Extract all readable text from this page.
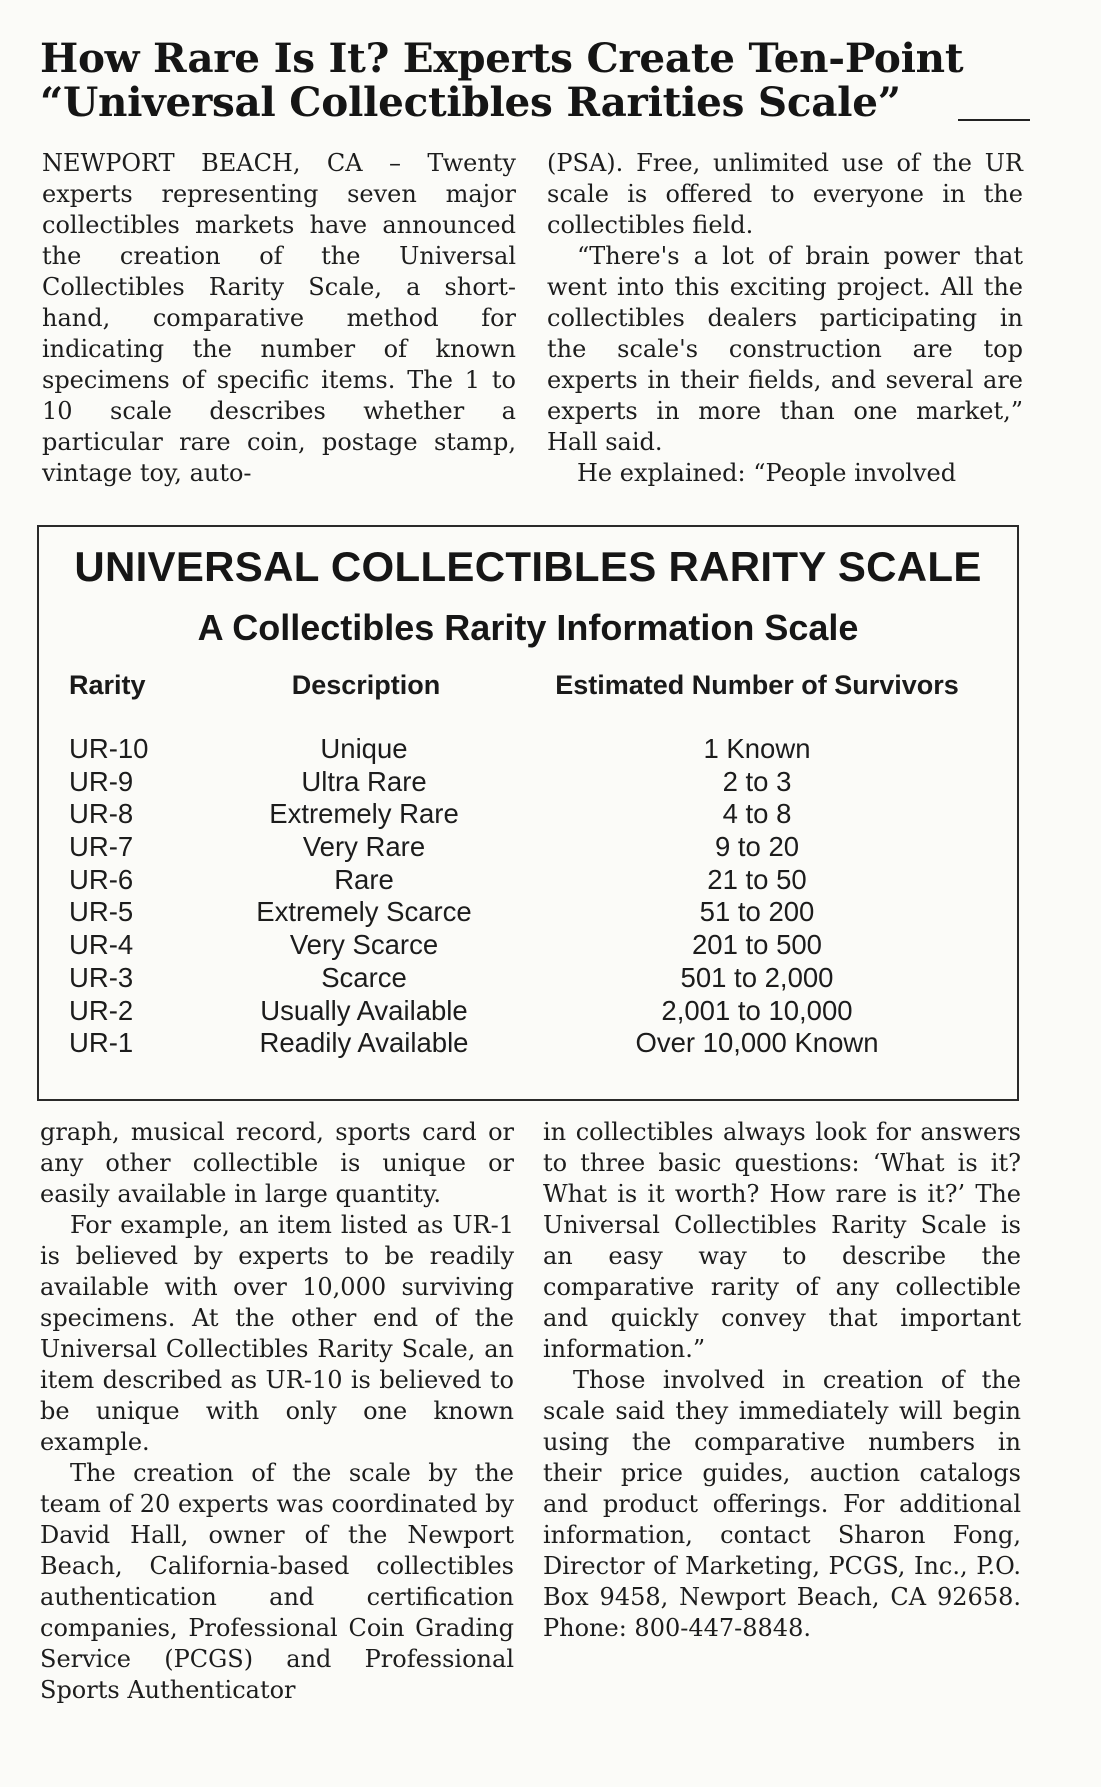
How Rare Is It? Experts Create Ten-Point
“Universal Collectibles Rarities Scale”

NEWPORT BEACH, CA – Twenty experts representing seven major collectibles markets have announced the creation of the Universal Collectibles Rarity Scale, a short-hand, comparative method for indicating the number of known specimens of specific items. The 1 to 10 scale describes whether a particular rare coin, postage stamp, vintage toy, auto-

(PSA). Free, unlimited use of the UR scale is offered to everyone in the collectibles field.

“There's a lot of brain power that went into this exciting project. All the collectibles dealers participating in the scale's construction are top experts in their fields, and several are experts in more than one market,” Hall said.

He explained: “People involved

UNIVERSAL COLLECTIBLES RARITY SCALE
A Collectibles Rarity Information Scale
Rarity	Description	Estimated Number of Survivors
UR-10	Unique	1 Known
UR-9	Ultra Rare	2 to 3
UR-8	Extremely Rare	4 to 8
UR-7	Very Rare	9 to 20
UR-6	Rare	21 to 50
UR-5	Extremely Scarce	51 to 200
UR-4	Very Scarce	201 to 500
UR-3	Scarce	501 to 2,000
UR-2	Usually Available	2,001 to 10,000
UR-1	Readily Available	Over 10,000 Known

graph, musical record, sports card or any other collectible is unique or easily available in large quantity.

For example, an item listed as UR-1 is believed by experts to be readily available with over 10,000 surviving specimens. At the other end of the Universal Collectibles Rarity Scale, an item described as UR-10 is believed to be unique with only one known example.

The creation of the scale by the team of 20 experts was coordinated by David Hall, owner of the Newport Beach, California-based collectibles authentication and certification companies, Professional Coin Grading Service (PCGS) and Professional Sports Authenticator

in collectibles always look for answers to three basic questions: ‘What is it? What is it worth? How rare is it?’ The Universal Collectibles Rarity Scale is an easy way to describe the comparative rarity of any collectible and quickly convey that important information.”

Those involved in creation of the scale said they immediately will begin using the comparative numbers in their price guides, auction catalogs and product offerings. For additional information, contact Sharon Fong, Director of Marketing, PCGS, Inc., P.O. Box 9458, Newport Beach, CA 92658. Phone: 800-447-8848.
